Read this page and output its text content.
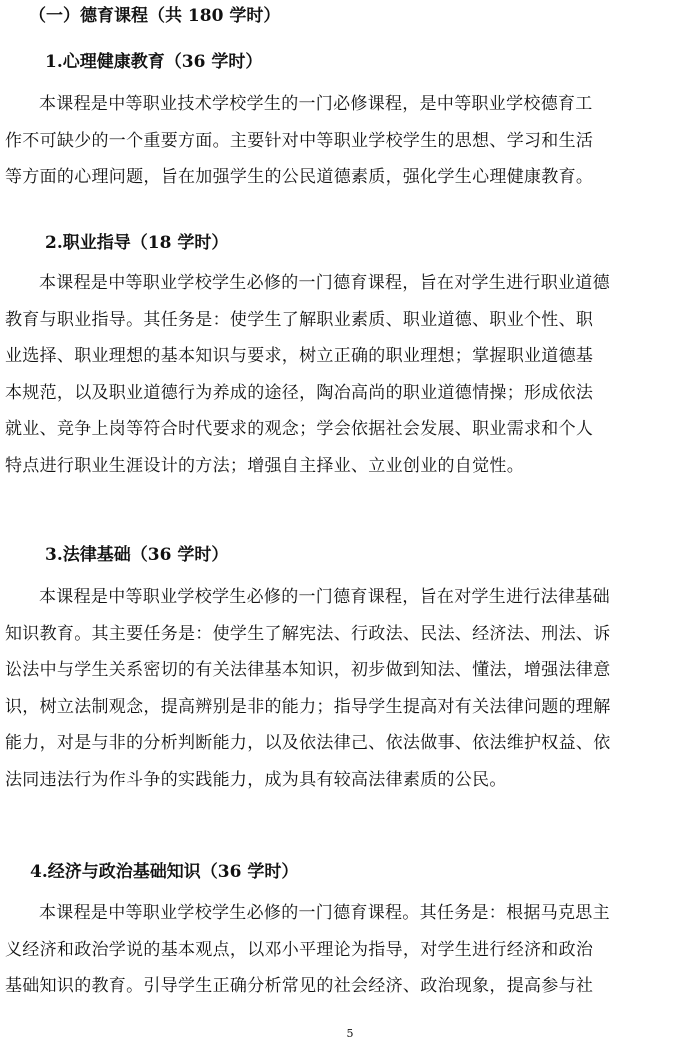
（一）德育课程（共 180 学时）
1.心理健康教育（36 学时）
本课程是中等职业技术学校学生的一门必修课程，是中等职业学校德育工
作不可缺少的一个重要方面。主要针对中等职业学校学生的思想、学习和生活
等方面的心理问题，旨在加强学生的公民道德素质，强化学生心理健康教育。
2.职业指导（18 学时）
本课程是中等职业学校学生必修的一门德育课程，旨在对学生进行职业道德
教育与职业指导。其任务是：使学生了解职业素质、职业道德、职业个性、职
业选择、职业理想的基本知识与要求，树立正确的职业理想；掌握职业道德基
本规范，以及职业道德行为养成的途径，陶冶高尚的职业道德情操；形成依法
就业、竞争上岗等符合时代要求的观念；学会依据社会发展、职业需求和个人
特点进行职业生涯设计的方法；增强自主择业、立业创业的自觉性。
3.法律基础（36 学时）
本课程是中等职业学校学生必修的一门德育课程，旨在对学生进行法律基础
知识教育。其主要任务是：使学生了解宪法、行政法、民法、经济法、刑法、诉
讼法中与学生关系密切的有关法律基本知识，初步做到知法、懂法，增强法律意
识，树立法制观念，提高辨别是非的能力；指导学生提高对有关法律问题的理解
能力，对是与非的分析判断能力，以及依法律己、依法做事、依法维护权益、依
法同违法行为作斗争的实践能力，成为具有较高法律素质的公民。
4.经济与政治基础知识（36 学时）
本课程是中等职业学校学生必修的一门德育课程。其任务是：根据马克思主
义经济和政治学说的基本观点，以邓小平理论为指导，对学生进行经济和政治
基础知识的教育。引导学生正确分析常见的社会经济、政治现象，提高参与社
5
